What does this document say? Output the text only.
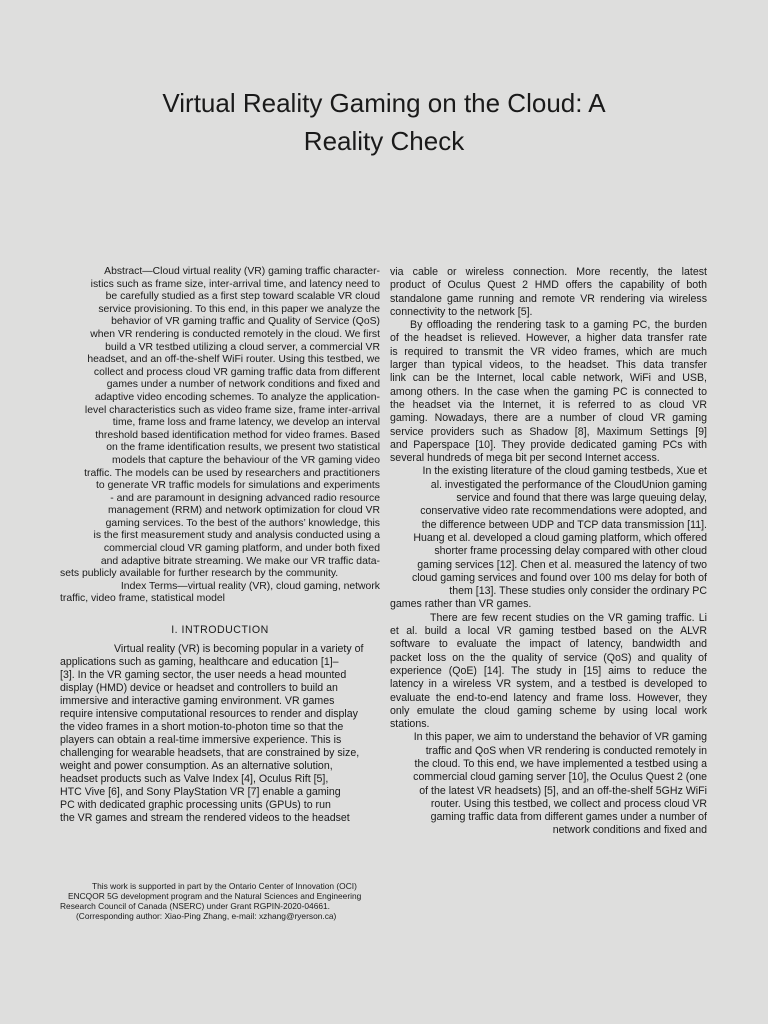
Virtual Reality Gaming on the Cloud: A
Reality Check
Abstract—Cloud virtual reality (VR) gaming traffic character-
istics such as frame size, inter-arrival time, and latency need to
be carefully studied as a first step toward scalable VR cloud
service provisioning. To this end, in this paper we analyze the
behavior of VR gaming traffic and Quality of Service (QoS)
when VR rendering is conducted remotely in the cloud. We first
build a VR testbed utilizing a cloud server, a commercial VR
headset, and an off-the-shelf WiFi router. Using this testbed, we
collect and process cloud VR gaming traffic data from different
games under a number of network conditions and fixed and
adaptive video encoding schemes. To analyze the application-
level characteristics such as video frame size, frame inter-arrival
time, frame loss and frame latency, we develop an interval
threshold based identification method for video frames. Based
on the frame identification results, we present two statistical
models that capture the behaviour of the VR gaming video
traffic. The models can be used by researchers and practitioners
to generate VR traffic models for simulations and experiments
- and are paramount in designing advanced radio resource
management (RRM) and network optimization for cloud VR
gaming services. To the best of the authors’ knowledge, this
is the first measurement study and analysis conducted using a
commercial cloud VR gaming platform, and under both fixed
and adaptive bitrate streaming. We make our VR traffic data-
sets publicly available for further research by the community.
Index Terms—virtual reality (VR), cloud gaming, network
traffic, video frame, statistical model
I. INTRODUCTION
Virtual reality (VR) is becoming popular in a variety of
applications such as gaming, healthcare and education [1]–
[3]. In the VR gaming sector, the user needs a head mounted
display (HMD) device or headset and controllers to build an
immersive and interactive gaming environment. VR games
require intensive computational resources to render and display
the video frames in a short motion-to-photon time so that the
players can obtain a real-time immersive experience. This is
challenging for wearable headsets, that are constrained by size,
weight and power consumption. As an alternative solution,
headset products such as Valve Index [4], Oculus Rift [5],
HTC Vive [6], and Sony PlayStation VR [7] enable a gaming
PC with dedicated graphic processing units (GPUs) to run
the VR games and stream the rendered videos to the headset
This work is supported in part by the Ontario Center of Innovation (OCI)
ENCQOR 5G development program and the Natural Sciences and Engineering
Research Council of Canada (NSERC) under Grant RGPIN-2020-04661.
(Corresponding author: Xiao-Ping Zhang, e-mail: xzhang@ryerson.ca)
via cable or wireless connection. More recently, the latest
product of Oculus Quest 2 HMD offers the capability of both
standalone game running and remote VR rendering via wireless
connectivity to the network [5].
By offloading the rendering task to a gaming PC, the burden
of the headset is relieved. However, a higher data transfer rate
is required to transmit the VR video frames, which are much
larger than typical videos, to the headset. This data transfer
link can be the Internet, local cable network, WiFi and USB,
among others. In the case when the gaming PC is connected to
the headset via the Internet, it is referred to as cloud VR
gaming. Nowadays, there are a number of cloud VR gaming
service providers such as Shadow [8], Maximum Settings [9]
and Paperspace [10]. They provide dedicated gaming PCs with
several hundreds of mega bit per second Internet access.
In the existing literature of the cloud gaming testbeds, Xue et
al. investigated the performance of the CloudUnion gaming
service and found that there was large queuing delay,
conservative video rate recommendations were adopted, and
the difference between UDP and TCP data transmission [11].
Huang et al. developed a cloud gaming platform, which offered
shorter frame processing delay compared with other cloud
gaming services [12]. Chen et al. measured the latency of two
cloud gaming services and found over 100 ms delay for both of
them [13]. These studies only consider the ordinary PC
games rather than VR games.
There are few recent studies on the VR gaming traffic. Li
et al. build a local VR gaming testbed based on the ALVR
software to evaluate the impact of latency, bandwidth and
packet loss on the the quality of service (QoS) and quality of
experience (QoE) [14]. The study in [15] aims to reduce the
latency in a wireless VR system, and a testbed is developed to
evaluate the end-to-end latency and frame loss. However, they
only emulate the cloud gaming scheme by using local work
stations.
In this paper, we aim to understand the behavior of VR gaming
traffic and QoS when VR rendering is conducted remotely in
the cloud. To this end, we have implemented a testbed using a
commercial cloud gaming server [10], the Oculus Quest 2 (one
of the latest VR headsets) [5], and an off-the-shelf 5GHz WiFi
router. Using this testbed, we collect and process cloud VR
gaming traffic data from different games under a number of
network conditions and fixed and
